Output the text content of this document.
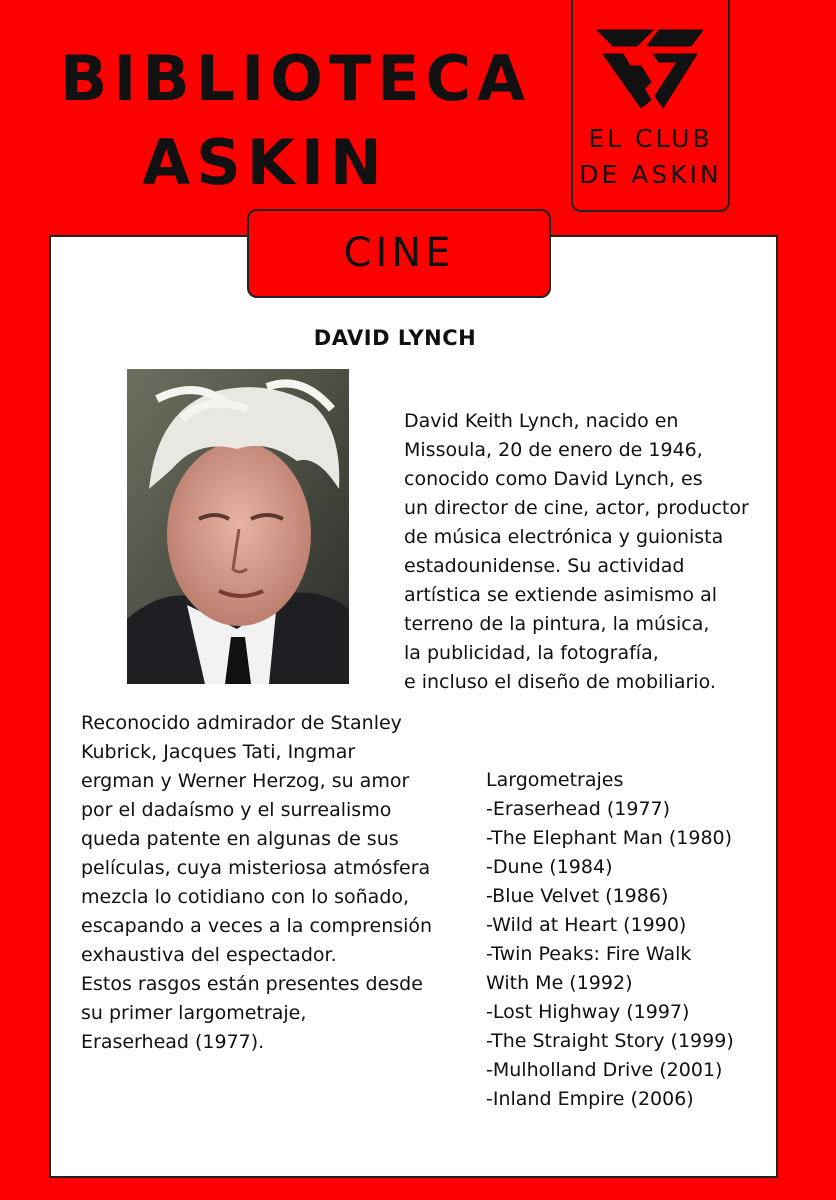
BIBLIOTECA
ASKIN	EL CLUB
DE ASKIN
CINE
DAVID LYNCH
David Keith Lynch, nacido en
Missoula, 20 de enero de 1946,
conocido como David Lynch, es
un director de cine, actor, productor
de música electrónica y guionista
estadounidense. Su actividad
artística se extiende asimismo al
terreno de la pintura, la música,
la publicidad, la fotografía,
e incluso el diseño de mobiliario.
Reconocido admirador de Stanley
Kubrick, Jacques Tati, Ingmar
ergman y Werner Herzog, su amor
por el dadaísmo y el surrealismo
queda patente en algunas de sus
películas, cuya misteriosa atmósfera
mezcla lo cotidiano con lo soñado,
escapando a veces a la comprensión
exhaustiva del espectador.
Estos rasgos están presentes desde
su primer largometraje,
Eraserhead (1977).
Largometrajes
-Eraserhead (1977)
-The Elephant Man (1980)
-Dune (1984)
-Blue Velvet (1986)
-Wild at Heart (1990)
-Twin Peaks: Fire Walk
With Me (1992)
-Lost Highway (1997)
-The Straight Story (1999)
-Mulholland Drive (2001)
-Inland Empire (2006)
